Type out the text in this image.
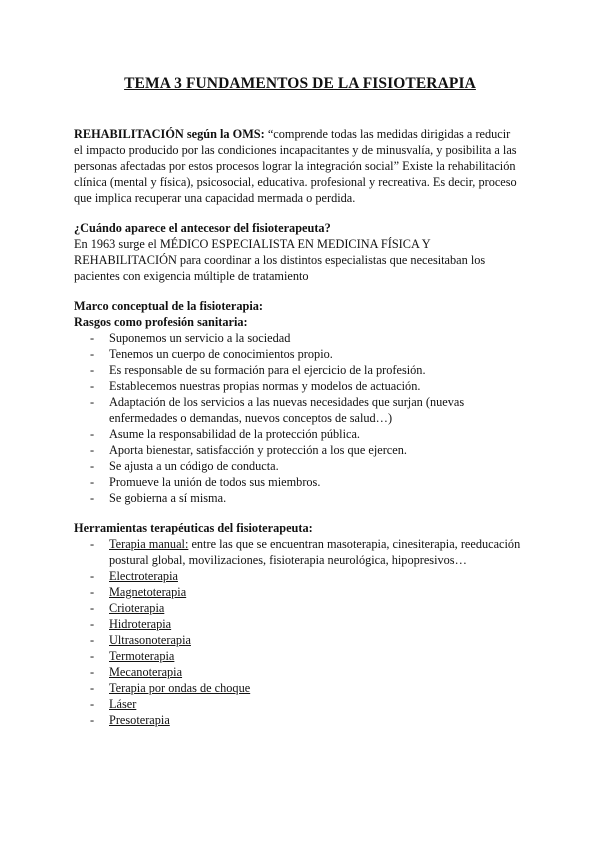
TEMA 3 FUNDAMENTOS DE LA FISIOTERAPIA

REHABILITACIÓN según la OMS: “comprende todas las medidas dirigidas a reducir el impacto producido por las condiciones incapacitantes y de minusvalía, y posibilita a las personas afectadas por estos procesos lograr la integración social” Existe la rehabilitación clínica (mental y física), psicosocial, educativa. profesional y recreativa. Es decir, proceso que implica recuperar una capacidad mermada o perdida.

¿Cuándo aparece el antecesor del fisioterapeuta?

En 1963 surge el MÉDICO ESPECIALISTA EN MEDICINA FÍSICA Y REHABILITACIÓN para coordinar a los distintos especialistas que necesitaban los pacientes con exigencia múltiple de tratamiento

Marco conceptual de la fisioterapia:

Rasgos como profesión sanitaria:

- Suponemos un servicio a la sociedad
- Tenemos un cuerpo de conocimientos propio.
- Es responsable de su formación para el ejercicio de la profesión.
- Establecemos nuestras propias normas y modelos de actuación.
- Adaptación de los servicios a las nuevas necesidades que surjan (nuevas enfermedades o demandas, nuevos conceptos de salud…)
- Asume la responsabilidad de la protección pública.
- Aporta bienestar, satisfacción y protección a los que ejercen.
- Se ajusta a un código de conducta.
- Promueve la unión de todos sus miembros.
- Se gobierna a sí misma.

Herramientas terapéuticas del fisioterapeuta:

- Terapia manual: entre las que se encuentran masoterapia, cinesiterapia, reeducación postural global, movilizaciones, fisioterapia neurológica, hipopresivos…
- Electroterapia
- Magnetoterapia
- Crioterapia
- Hidroterapia
- Ultrasonoterapia
- Termoterapia
- Mecanoterapia
- Terapia por ondas de choque
- Láser
- Presoterapia
